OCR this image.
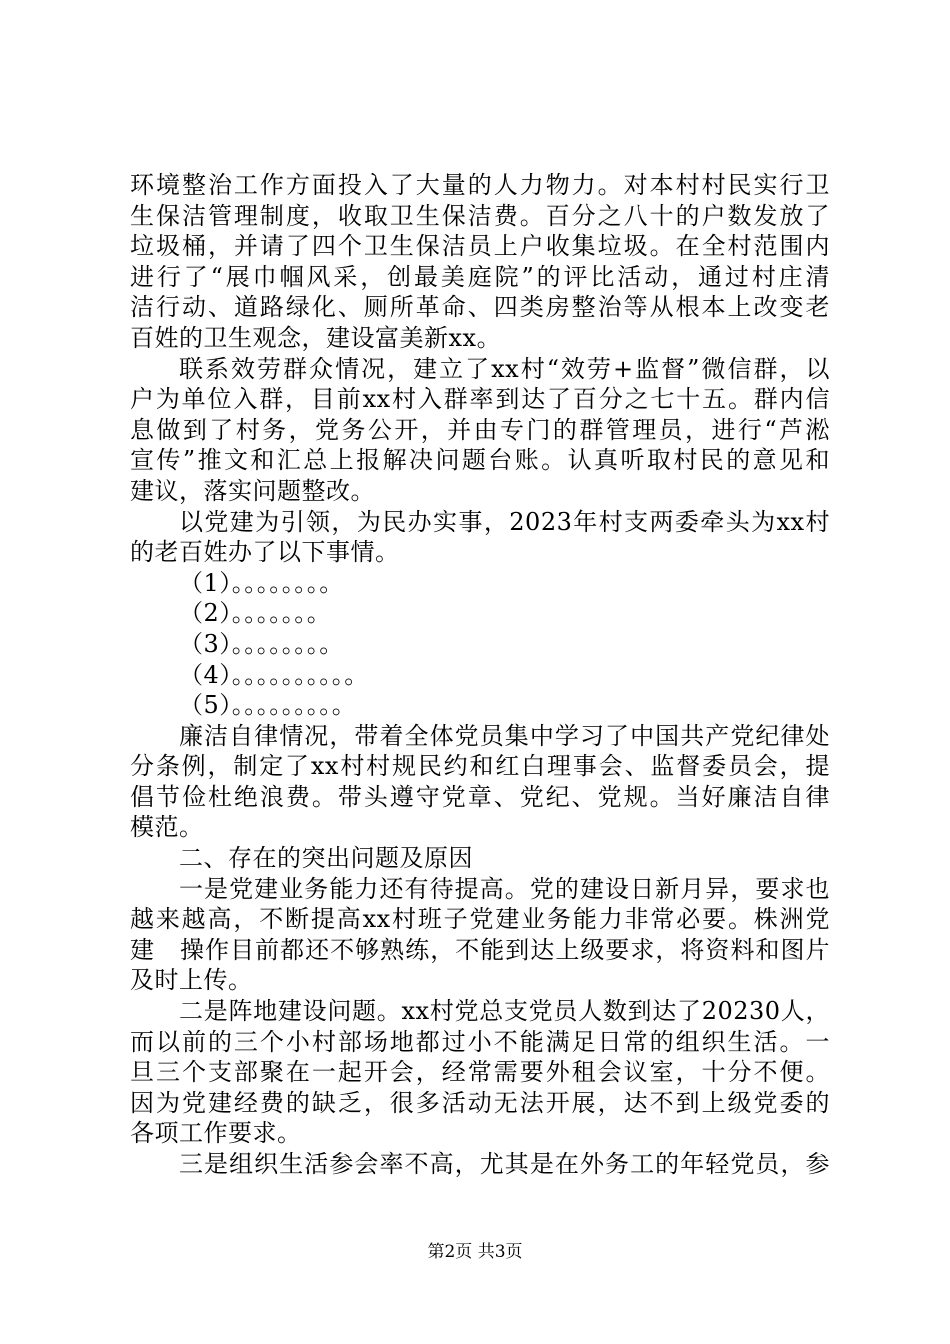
环境整治工作方面投入了大量的人力物力。对本村村民实行卫
生保洁管理制度，收取卫生保洁费。百分之八十的户数发放了
垃圾桶，并请了四个卫生保洁员上户收集垃圾。在全村范围内
进行了“展巾帼风采，创最美庭院”的评比活动，通过村庄清
洁行动、道路绿化、厕所革命、四类房整治等从根本上改变老
百姓的卫生观念，建设富美新xx。
联系效劳群众情况，建立了xx村“效劳+监督”微信群，以
户为单位入群，目前xx村入群率到达了百分之七十五。群内信
息做到了村务，党务公开，并由专门的群管理员，进行“芦淞
宣传”推文和汇总上报解决问题台账。认真听取村民的意见和
建议，落实问题整改。
以党建为引领，为民办实事，2023年村支两委牵头为xx村
的老百姓办了以下事情。
（1）。。。。。。。。
（2）。。。。。。。
（3）。。。。。。。。
（4）。。。。。。。。。。
（5）。。。。。。。。。
廉洁自律情况，带着全体党员集中学习了中国共产党纪律处
分条例，制定了xx村村规民约和红白理事会、监督委员会，提
倡节俭杜绝浪费。带头遵守党章、党纪、党规。当好廉洁自律
模范。
二、存在的突出问题及原因
一是党建业务能力还有待提高。党的建设日新月异，要求也
越来越高，不断提高xx村班子党建业务能力非常必要。株洲党
建　操作目前都还不够熟练，不能到达上级要求，将资料和图片
及时上传。
二是阵地建设问题。xx村党总支党员人数到达了20230人，
而以前的三个小村部场地都过小不能满足日常的组织生活。一
旦三个支部聚在一起开会，经常需要外租会议室，十分不便。
因为党建经费的缺乏，很多活动无法开展，达不到上级党委的
各项工作要求。
三是组织生活参会率不高，尤其是在外务工的年轻党员，参
第2页 共3页
